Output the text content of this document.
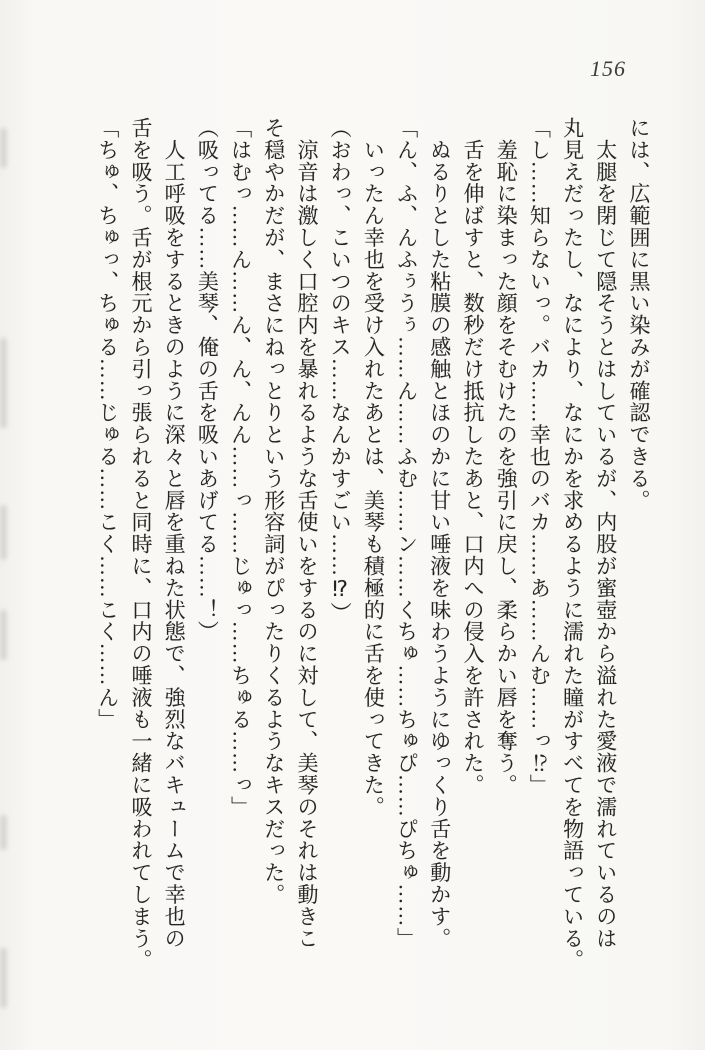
156

には、広範囲に黒い染みが確認できる。

　太腿を閉じて隠そうとはしているが、内股が蜜壺から溢れた愛液で濡れているのは

丸見えだったし、なにより、なにかを求めるように濡れた瞳がすべてを物語っている。

「し……知らないっ。バカ……幸也のバカ……あ……んむ……っ⁉」

　羞恥に染まった顔をそむけたのを強引に戻し、柔らかい唇を奪う。

　舌を伸ばすと、数秒だけ抵抗したあと、口内への侵入を許された。

　ぬるりとした粘膜の感触とほのかに甘い唾液を味わうようにゆっくり舌を動かす。

「ん、ふ、んふぅうぅ……ん……ふむ……ン……くちゅ……ちゅぴ……ぴちゅ……」

　いったん幸也を受け入れたあとは、美琴も積極的に舌を使ってきた。

（おわっ、こいつのキス……なんかすごい……⁉）

　涼音は激しく口腔内を暴れるような舌使いをするのに対して、美琴のそれは動きこ

そ穏やかだが、まさにねっとりという形容詞がぴったりくるようなキスだった。

「はむっ……ん……ん、ん、んん……っ……じゅっ……ちゅる……っ」

（吸ってる……美琴、俺の舌を吸いあげてる……！）

　人工呼吸をするときのように深々と唇を重ねた状態で、強烈なバキュームで幸也の

舌を吸う。舌が根元から引っ張られると同時に、口内の唾液も一緒に吸われてしまう。

「ちゅ、ちゅっ、ちゅる……じゅる……こく……こく……ん」
